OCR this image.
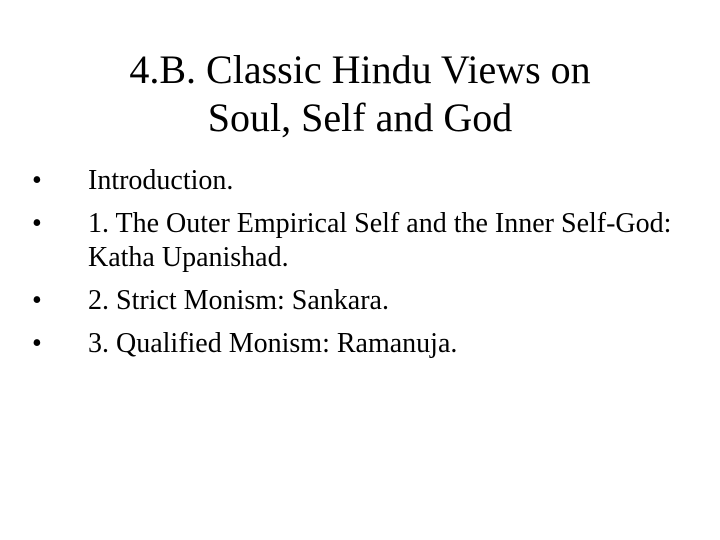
4.B. Classic Hindu Views on
Soul, Self and God
• Introduction.
• 1. The Outer Empirical Self and the Inner Self-God: Katha Upanishad.
• 2. Strict Monism: Sankara.
• 3. Qualified Monism: Ramanuja.
